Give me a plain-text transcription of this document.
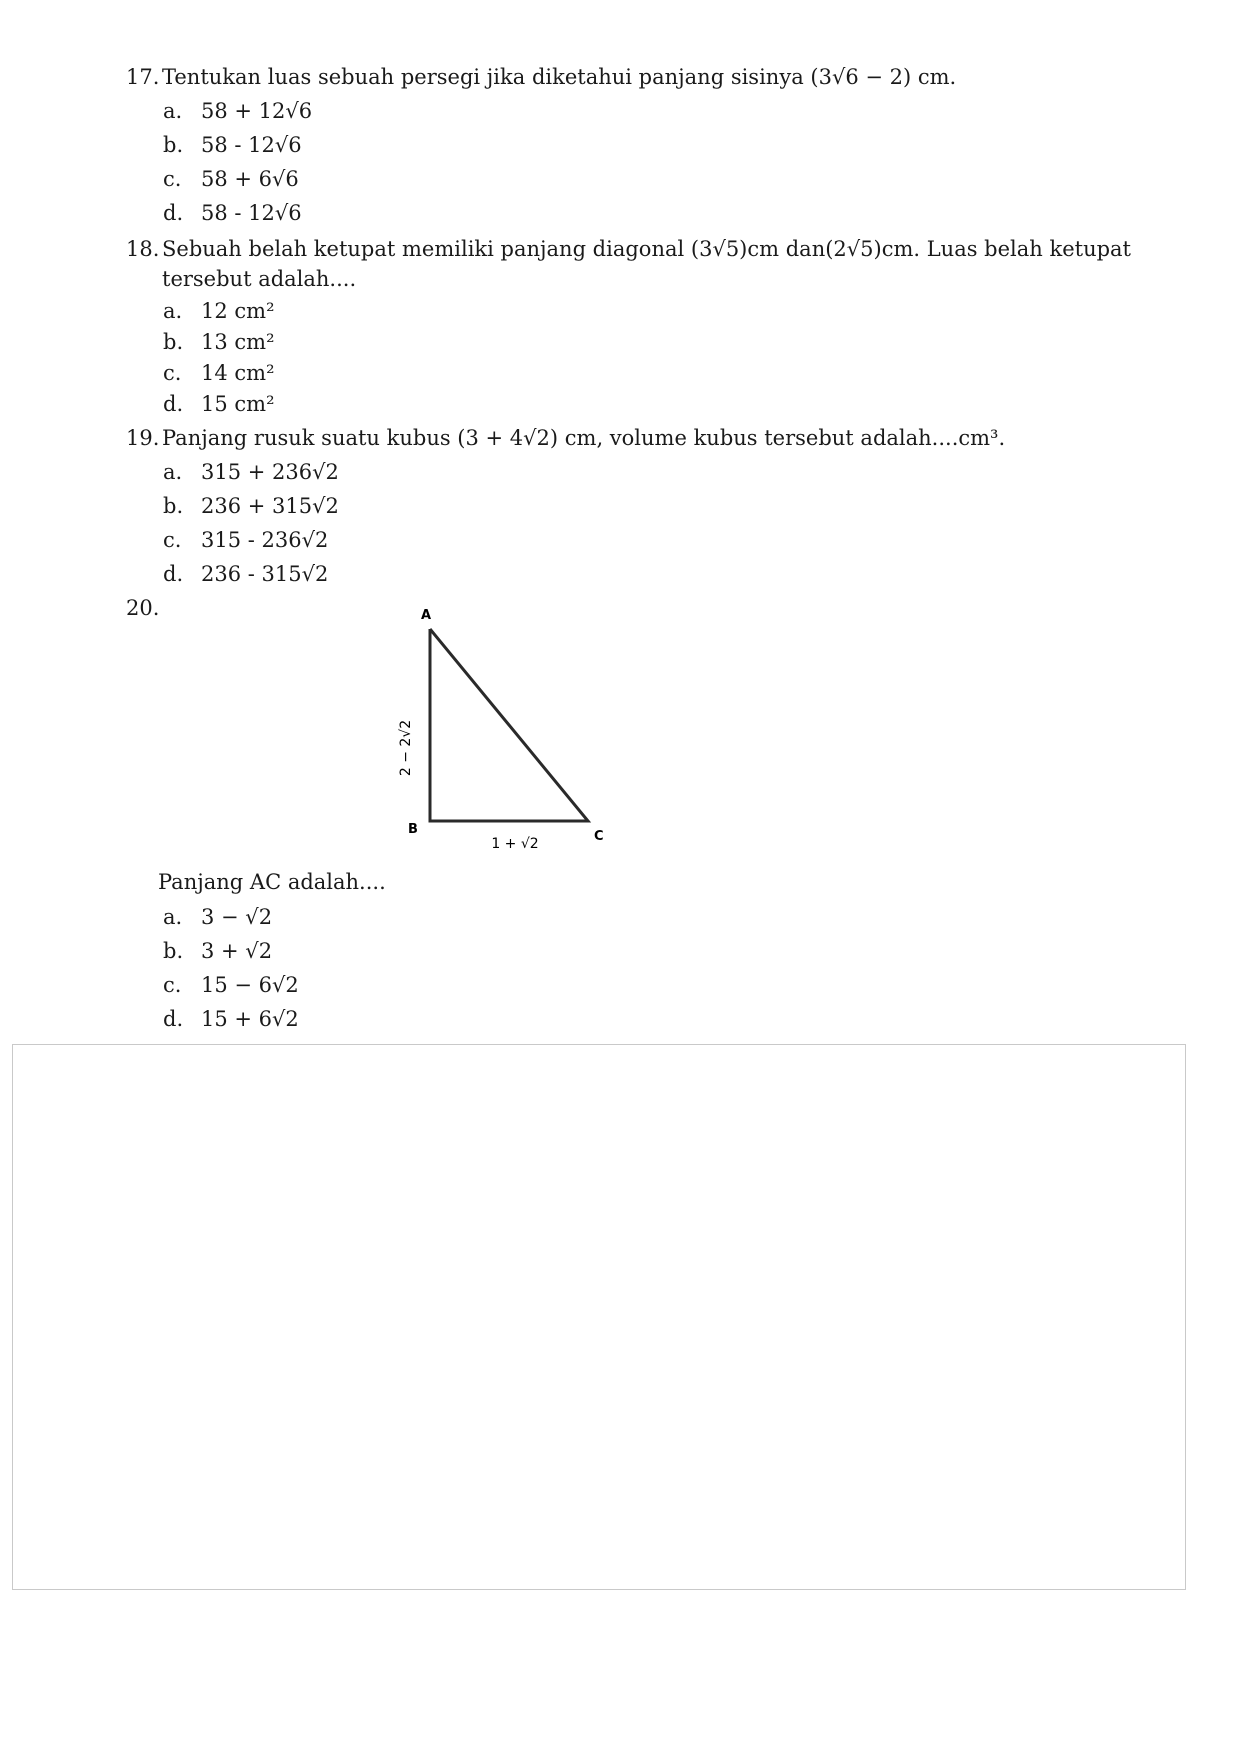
17. Tentukan luas sebuah persegi jika diketahui panjang sisinya (3√6 − 2) cm.
a. 58 + 12√6
b. 58 - 12√6
c. 58 + 6√6
d. 58 - 12√6
18. Sebuah belah ketupat memiliki panjang diagonal (3√5)cm dan(2√5)cm. Luas belah ketupat
tersebut adalah....
a. 12 cm²
b. 13 cm²
c. 14 cm²
d. 15 cm²
19. Panjang rusuk suatu kubus (3 + 4√2) cm, volume kubus tersebut adalah....cm³.
a. 315 + 236√2
b. 236 + 315√2
c. 315 - 236√2
d. 236 - 315√2
20.	A
B	C
2 − 2√2
1 + √2
Panjang AC adalah....
a. 3 − √2
b. 3 + √2
c. 15 − 6√2
d. 15 + 6√2
